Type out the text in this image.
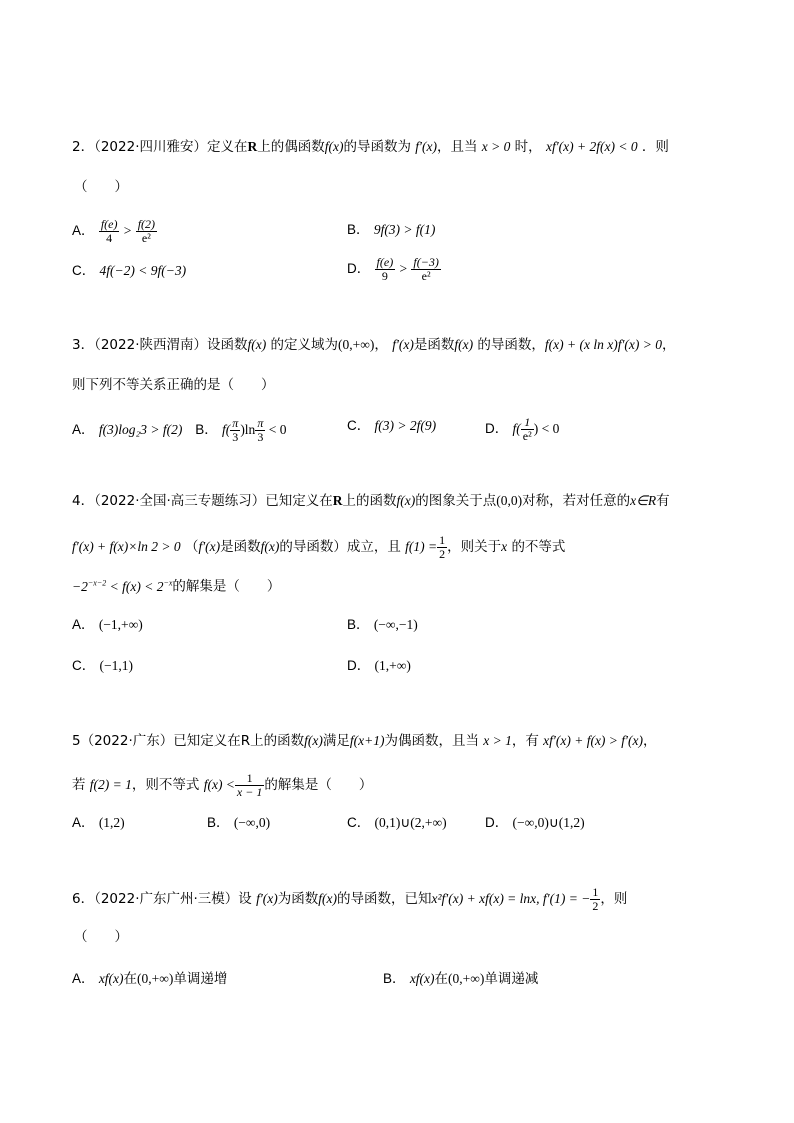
2．（2022·四川雅安）定义在R上的偶函数f(x)的导函数为 f′(x)，且当 x > 0 时， xf′(x) + 2f(x) < 0 ．则
（　　）
A． $\frac{f(e)}{4} > \frac{f(2)}{\text{e²}}$	B． 9f(3) > f(1)
C． 4f(−2) < 9f(−3)	D． $\frac{f(e)}{9} > \frac{f(-3)}{\text{e²}}$
3．（2022·陕西渭南）设函数f(x) 的定义域为(0,+∞)， f′(x)是函数f(x) 的导函数，f(x) + (x ln x)f′(x) > 0，
则下列不等关系正确的是（　　）
A． f(3)log₂3 > f(2) B． $f( \frac{\pi}{3} )\ln \frac{\pi}{3} < 0$	C． f(3) > 2f(9)	D． $f( \frac{1}{\text{e²}}$ ) < 0
4．（2022·全国·高三专题练习）已知定义在R上的函数f(x)的图象关于点(0,0)对称，若对任意的x∈R有
f′(x) + f(x)×ln 2 > 0 （f′(x)是函数f(x)的导函数）成立，且 $f(1) = \frac{1}{2}$ ，则关于x 的不等式
$-2^{-x-2} < f(x) < 2^{-x}$的解集是（　　）
A． (−1,+∞)	B． (−∞,−1)
C． (−1,1)	D． (1,+∞)
5（2022·广东）已知定义在R上的函数f(x)满足f(x+1)为偶函数，且当 x > 1，有 xf′(x) + f(x) > f′(x)，
若 f(2) = 1，则不等式 $f(x) < \frac{1}{x - 1}$ 的解集是（　　）
A． (1,2)	B． (−∞,0)	C． (0,1)∪(2,+∞)	D． (−∞,0)∪(1,2)
6．（2022·广东广州·三模）设 f′(x)为函数f(x)的导函数，已知x²f′(x) + xf(x) = lnx, f′(1) = − $\frac{1}{2}$ ，则
（　　）
A． xf(x)在(0,+∞)单调递增	B． xf(x)在(0,+∞)单调递减
